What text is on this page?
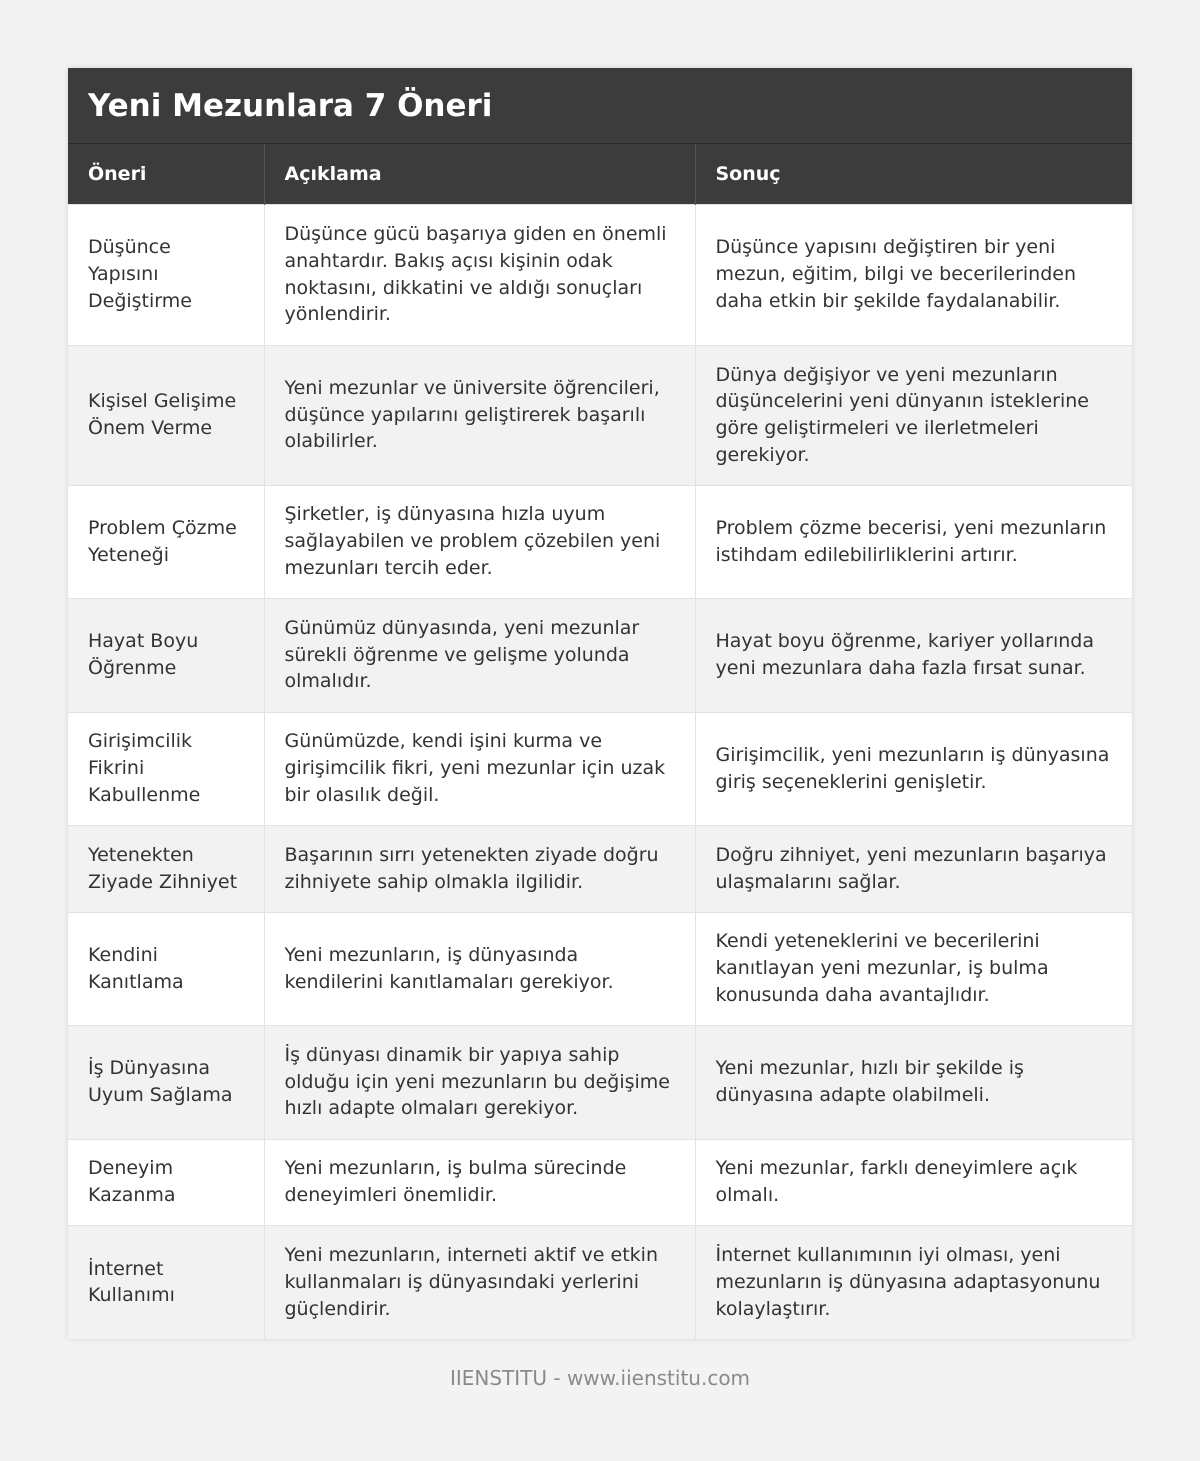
Yeni Mezunlara 7 Öneri
Öneri	Açıklama	Sonuç
Düşünce Yapısını Değiştirme	Düşünce gücü başarıya giden en önemli anahtardır. Bakış açısı kişinin odak noktasını, dikkatini ve aldığı sonuçları yönlendirir.	Düşünce yapısını değiştiren bir yeni mezun, eğitim, bilgi ve becerilerinden daha etkin bir şekilde faydalanabilir.
Kişisel Gelişime Önem Verme	Yeni mezunlar ve üniversite öğrencileri, düşünce yapılarını geliştirerek başarılı olabilirler.	Dünya değişiyor ve yeni mezunların düşüncelerini yeni dünyanın isteklerine göre geliştirmeleri ve ilerletmeleri gerekiyor.
Problem Çözme Yeteneği	Şirketler, iş dünyasına hızla uyum sağlayabilen ve problem çözebilen yeni mezunları tercih eder.	Problem çözme becerisi, yeni mezunların istihdam edilebilirliklerini artırır.
Hayat Boyu Öğrenme	Günümüz dünyasında, yeni mezunlar sürekli öğrenme ve gelişme yolunda olmalıdır.	Hayat boyu öğrenme, kariyer yollarında yeni mezunlara daha fazla fırsat sunar.
Girişimcilik Fikrini Kabullenme	Günümüzde, kendi işini kurma ve girişimcilik fikri, yeni mezunlar için uzak bir olasılık değil.	Girişimcilik, yeni mezunların iş dünyasına giriş seçeneklerini genişletir.
Yetenekten Ziyade Zihniyet	Başarının sırrı yetenekten ziyade doğru zihniyete sahip olmakla ilgilidir.	Doğru zihniyet, yeni mezunların başarıya ulaşmalarını sağlar.
Kendini Kanıtlama	Yeni mezunların, iş dünyasında kendilerini kanıtlamaları gerekiyor.	Kendi yeteneklerini ve becerilerini kanıtlayan yeni mezunlar, iş bulma konusunda daha avantajlıdır.
İş Dünyasına Uyum Sağlama	İş dünyası dinamik bir yapıya sahip olduğu için yeni mezunların bu değişime hızlı adapte olmaları gerekiyor.	Yeni mezunlar, hızlı bir şekilde iş dünyasına adapte olabilmeli.
Deneyim Kazanma	Yeni mezunların, iş bulma sürecinde deneyimleri önemlidir.	Yeni mezunlar, farklı deneyimlere açık olmalı.
İnternet Kullanımı	Yeni mezunların, interneti aktif ve etkin kullanmaları iş dünyasındaki yerlerini güçlendirir.	İnternet kullanımının iyi olması, yeni mezunların iş dünyasına adaptasyonunu kolaylaştırır.
IIENSTITU - www.iienstitu.com
